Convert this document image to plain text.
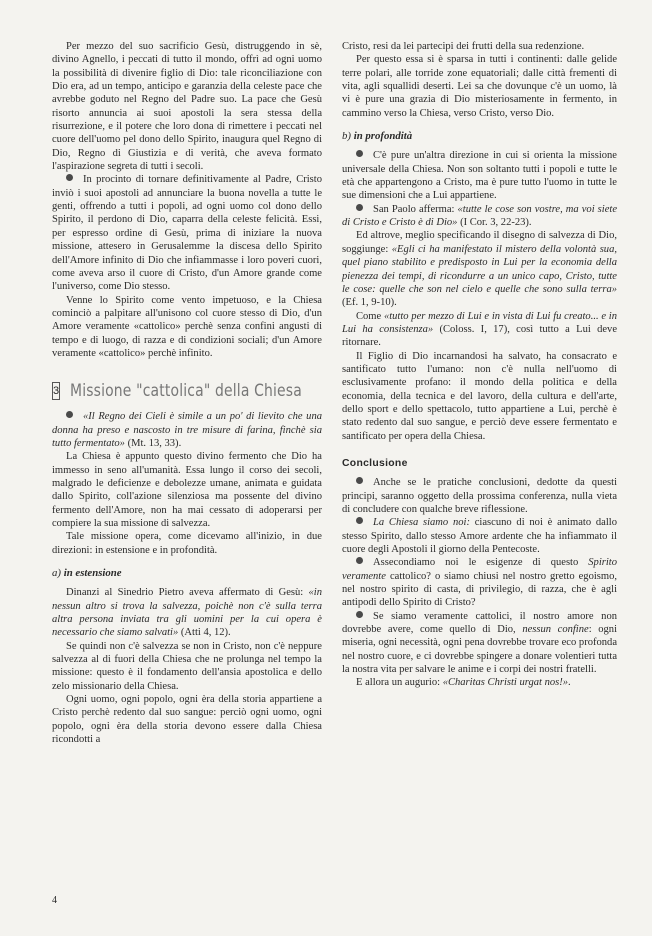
Per mezzo del suo sacrificio Gesù, distruggendo in sè, divino Agnello, i peccati di tutto il mondo, offrì ad ogni uomo la possibilità di divenire figlio di Dio: tale riconciliazione con Dio era, ad un tempo, anticipo e garanzia della celeste pace che avrebbe goduto nel Regno del Padre suo. La pace che Gesù risorto annuncia ai suoi apostoli la sera stessa della risurrezione, e il potere che loro dona di rimettere i peccati nel cuore dell'uomo pel dono dello Spirito, inaugura quel Regno di Dio, Regno di Giustizia e di verità, che aveva formato l'aspirazione segreta di tutti i secoli.

In procinto di tornare definitivamente al Padre, Cristo inviò i suoi apostoli ad annunciare la buona novella a tutte le genti, offrendo a tutti i popoli, ad ogni uomo col dono dello Spirito, il perdono di Dio, caparra della celeste felicità. Essi, per espresso ordine di Gesù, prima di iniziare la nuova missione, attesero in Gerusalemme la discesa dello Spirito dell'Amore infinito di Dio che infiammasse i loro poveri cuori, come aveva arso il cuore di Cristo, d'un Amore grande come l'universo, come Dio stesso.

Venne lo Spirito come vento impetuoso, e la Chiesa cominciò a palpitare all'unisono col cuore stesso di Dio, d'un Amore veramente «cattolico» perchè senza confini angusti di tempo e di luogo, di razza e di condizioni sociali; d'un Amore veramente «cattolico» perchè infinito.

3 Missione "cattolica" della Chiesa

«Il Regno dei Cieli è simile a un po' di lievito che una donna ha preso e nascosto in tre misure di farina, finchè sia tutto fermentato» (Mt. 13, 33).

La Chiesa è appunto questo divino fermento che Dio ha immesso in seno all'umanità. Essa lungo il corso dei secoli, malgrado le deficienze e debolezze umane, animata e guidata dallo Spirito, coll'azione silenziosa ma possente del divino fermento dell'Amore, non ha mai cessato di adoperarsi per compiere la sua missione di salvezza.

Tale missione opera, come dicevamo all'inizio, in due direzioni: in estensione e in profondità.

a) in estensione

Dinanzi al Sinedrio Pietro aveva affermato di Gesù: «in nessun altro si trova la salvezza, poichè non c'è sulla terra altra persona inviata tra gli uomini per la cui opera è necessario che siamo salvati» (Atti 4, 12).

Se quindi non c'è salvezza se non in Cristo, non c'è neppure salvezza al di fuori della Chiesa che ne prolunga nel tempo la missione: questo è il fondamento dell'ansia apostolica e dello zelo missionario della Chiesa.

Ogni uomo, ogni popolo, ogni èra della storia appartiene a Cristo perchè redento dal suo sangue: perciò ogni uomo, ogni popolo, ogni èra della storia devono essere dalla Chiesa ricondotti a

Cristo, resi da lei partecipi dei frutti della sua redenzione.

Per questo essa si è sparsa in tutti i continenti: dalle gelide terre polari, alle torride zone equatoriali; dalle città frementi di vita, agli squallidi deserti. Lei sa che dovunque c'è un uomo, là vi è pure una grazia di Dio misteriosamente in fermento, in cammino verso la Chiesa, verso Cristo, verso Dio.

b) in profondità

C'è pure un'altra direzione in cui si orienta la missione universale della Chiesa. Non son soltanto tutti i popoli e tutte le età che appartengono a Cristo, ma è pure tutto l'uomo in tutte le sue dimensioni che a Lui appartiene.

San Paolo afferma: «tutte le cose son vostre, ma voi siete di Cristo e Cristo è di Dio» (I Cor. 3, 22-23).

Ed altrove, meglio specificando il disegno di salvezza di Dio, soggiunge: «Egli ci ha manifestato il mistero della volontà sua, quel piano stabilito e predisposto in Lui per la economia della pienezza dei tempi, di ricondurre a un unico capo, Cristo, tutte le cose: quelle che son nel cielo e quelle che sono sulla terra» (Ef. 1, 9-10).

Come «tutto per mezzo di Lui e in vista di Lui fu creato... e in Lui ha consistenza» (Coloss. I, 17), così tutto a Lui deve ritornare.

Il Figlio di Dio incarnandosi ha salvato, ha consacrato e santificato tutto l'umano: non c'è nulla nell'uomo di esclusivamente profano: il mondo della politica e della economia, della tecnica e del lavoro, della cultura e dell'arte, dello sport e dello spettacolo, tutto appartiene a Lui, perchè è stato redento dal suo sangue, e perciò deve essere fermentato e santificato per opera della Chiesa.

Conclusione

Anche se le pratiche conclusioni, dedotte da questi principi, saranno oggetto della prossima conferenza, nulla vieta di concludere con qualche breve riflessione.

La Chiesa siamo noi: ciascuno di noi è animato dallo stesso Spirito, dallo stesso Amore ardente che ha infiammato il cuore degli Apostoli il giorno della Pentecoste.

Assecondiamo noi le esigenze di questo Spirito veramente cattolico? o siamo chiusi nel nostro gretto egoismo, nel nostro spirito di casta, di privilegio, di razza, che è agli antipodi dello Spirito di Cristo?

Se siamo veramente cattolici, il nostro amore non dovrebbe avere, come quello di Dio, nessun confine: ogni miseria, ogni necessità, ogni pena dovrebbe trovare eco profonda nel nostro cuore, e ci dovrebbe spingere a donare volentieri tutta la nostra vita per salvare le anime e i corpi dei nostri fratelli.

E allora un augurio: «Charitas Christi urgat nos!».

4
